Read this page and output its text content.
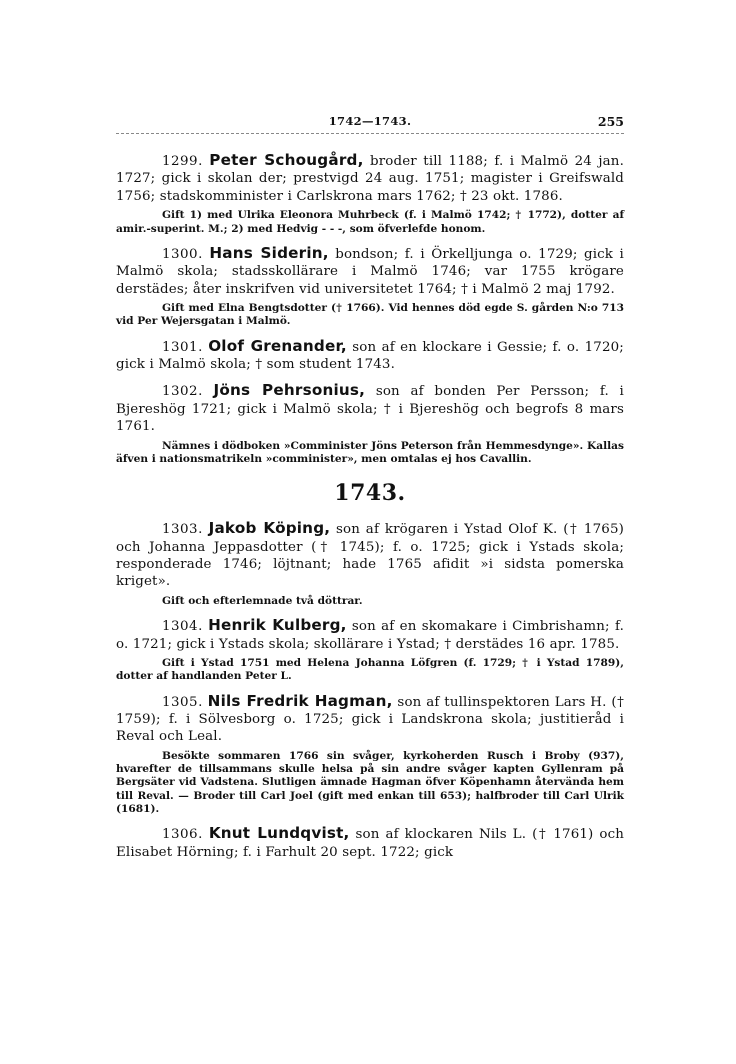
1742—1743.	255

1299. Peter Schougård, broder till 1188; f. i Malmö 24 jan. 1727; gick i skolan der; prestvigd 24 aug. 1751; magister i Greifswald 1756; stadskomminister i Carlskrona mars 1762; † 23 okt. 1786.

Gift 1) med Ulrika Eleonora Muhrbeck (f. i Malmö 1742; † 1772), dotter af amir.-superint. M.; 2) med Hedvig - - -, som öfverlefde honom.

1300. Hans Siderin, bondson; f. i Örkelljunga o. 1729; gick i Malmö skola; stadsskollärare i Malmö 1746; var 1755 krögare derstädes; åter inskrifven vid universitetet 1764; † i Malmö 2 maj 1792.

Gift med Elna Bengtsdotter († 1766). Vid hennes död egde S. gården N:o 713 vid Per Wejersgatan i Malmö.

1301. Olof Grenander, son af en klockare i Gessie; f. o. 1720; gick i Malmö skola; † som student 1743.

1302. Jöns Pehrsonius, son af bonden Per Persson; f. i Bjereshög 1721; gick i Malmö skola; † i Bjereshög och begrofs 8 mars 1761.

Nämnes i dödboken »Comminister Jöns Peterson från Hemmesdynge». Kallas äfven i nationsmatrikeln »comminister», men omtalas ej hos Cavallin.

1743.

1303. Jakob Köping, son af krögaren i Ystad Olof K. († 1765) och Johanna Jeppasdotter († 1745); f. o. 1725; gick i Ystads skola; responderade 1746; löjtnant; hade 1765 afidit »i sidsta pomerska kriget».

Gift och efterlemnade två döttrar.

1304. Henrik Kulberg, son af en skomakare i Cimbrishamn; f. o. 1721; gick i Ystads skola; skollärare i Ystad; † derstädes 16 apr. 1785.

Gift i Ystad 1751 med Helena Johanna Löfgren (f. 1729; † i Ystad 1789), dotter af handlanden Peter L.

1305. Nils Fredrik Hagman, son af tullinspektoren Lars H. († 1759); f. i Sölvesborg o. 1725; gick i Landskrona skola; justitieråd i Reval och Leal.

Besökte sommaren 1766 sin svåger, kyrkoherden Rusch i Broby (937), hvarefter de tillsammans skulle helsa på sin andre svåger kapten Gyllenram på Bergsäter vid Vadstena. Slutligen ämnade Hagman öfver Köpenhamn återvända hem till Reval. — Broder till Carl Joel (gift med enkan till 653); halfbroder till Carl Ulrik (1681).

1306. Knut Lundqvist, son af klockaren Nils L. († 1761) och Elisabet Hörning; f. i Farhult 20 sept. 1722; gick
